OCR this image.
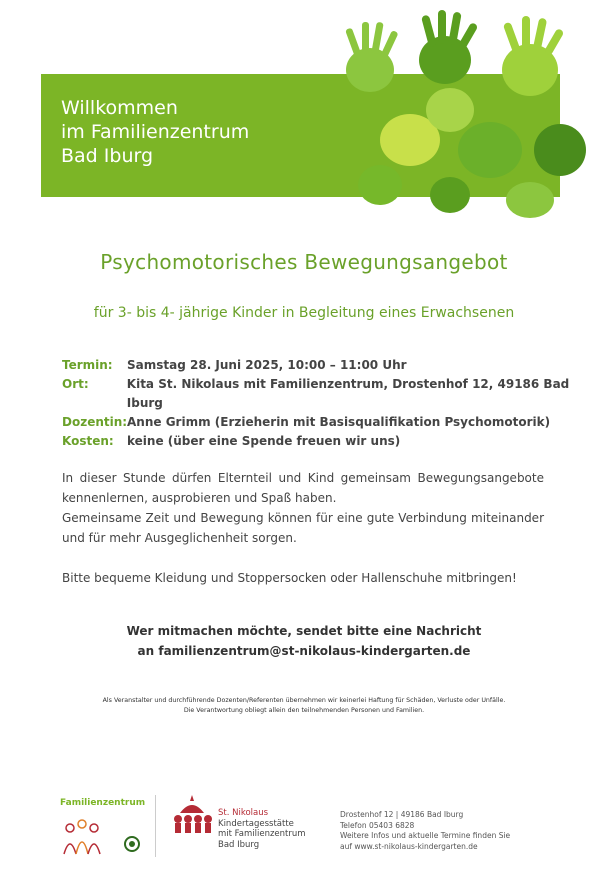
Willkommen
im Familienzentrum
Bad Iburg
Psychomotorisches Bewegungsangebot
für 3- bis 4- jährige Kinder in Begleitung eines Erwachsenen
Termin:	Samstag 28. Juni 2025, 10:00 – 11:00 Uhr
Ort:	Kita St. Nikolaus mit Familienzentrum, Drostenhof 12, 49186 Bad Iburg
Dozentin: Anne Grimm (Erzieherin mit Basisqualifikation Psychomotorik)
Kosten:	keine (über eine Spende freuen wir uns)

In dieser Stunde dürfen Elternteil und Kind gemeinsam Bewegungsangebote kennenlernen, ausprobieren und Spaß haben.

Gemeinsame Zeit und Bewegung können für eine gute Verbindung miteinander und für mehr Ausgeglichenheit sorgen.

Bitte bequeme Kleidung und Stoppersocken oder Hallenschuhe mitbringen!

Wer mitmachen möchte, sendet bitte eine Nachricht
an familienzentrum@st-nikolaus-kindergarten.de
Als Veranstalter und durchführende Dozenten/Referenten übernehmen wir keinerlei Haftung für Schäden, Verluste oder Unfälle.
Die Verantwortung obliegt allein den teilnehmenden Personen und Familien.
Familienzentrum
St. Nikolaus
Kindertagesstätte
mit Familienzentrum
Bad Iburg
Drostenhof 12 | 49186 Bad Iburg
Telefon 05403 6828
Weitere Infos und aktuelle Termine finden Sie
auf www.st-nikolaus-kindergarten.de
